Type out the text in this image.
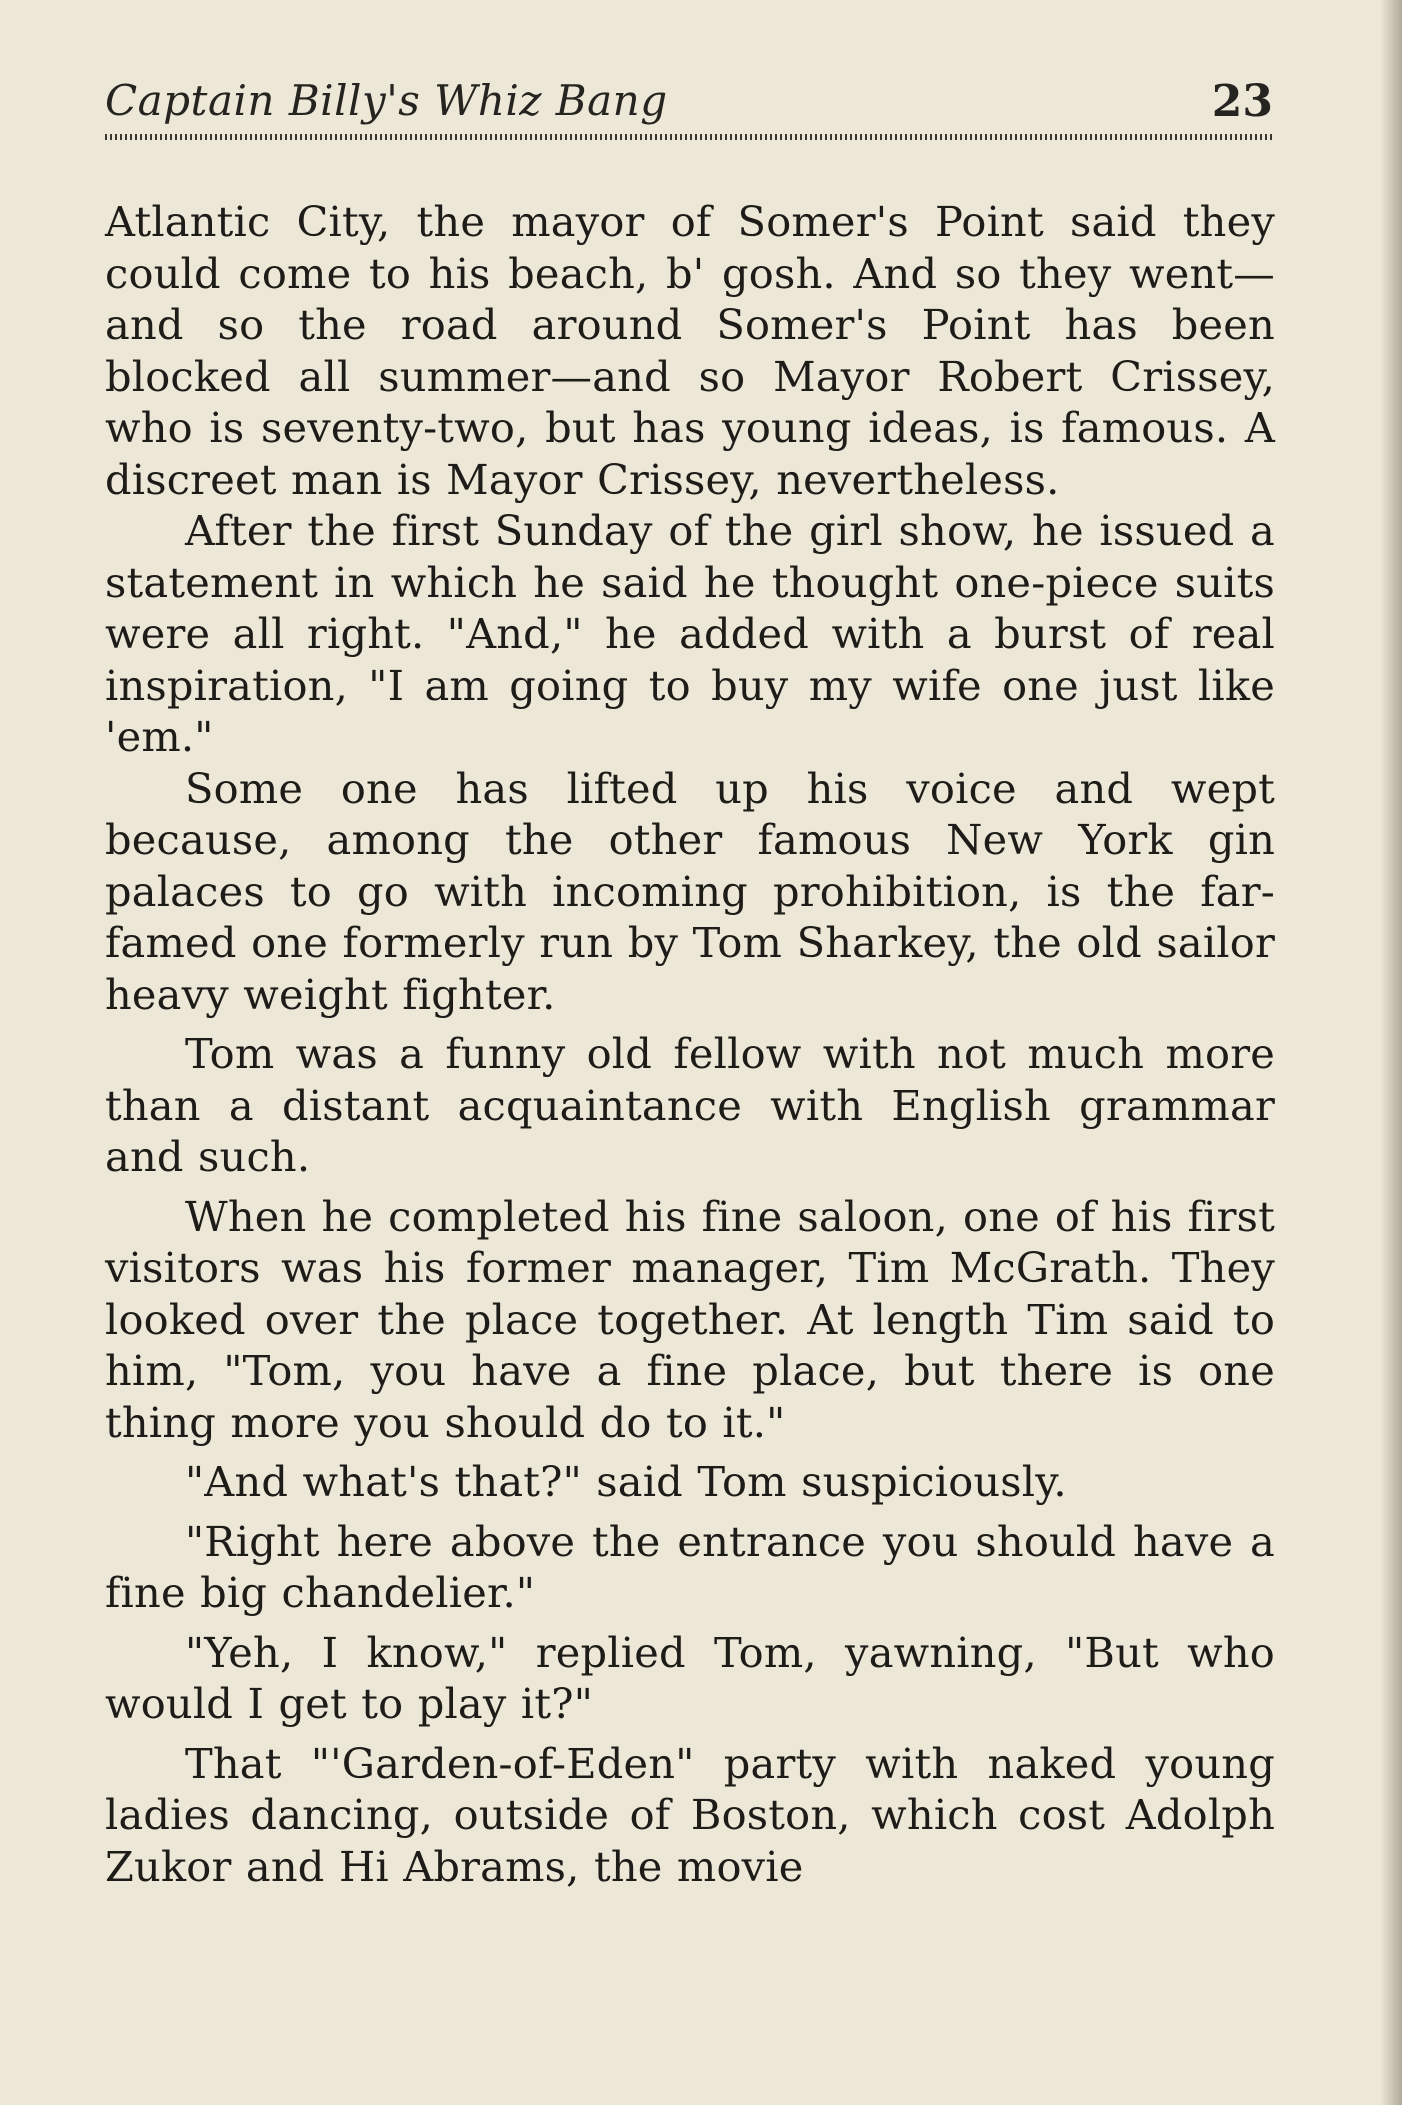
Captain Billy's Whiz Bang	23

Atlantic City, the mayor of Somer's Point said they could come to his beach, b' gosh. And so they went—and so the road around Somer's Point has been blocked all summer—and so Mayor Robert Crissey, who is seventy-two, but has young ideas, is famous. A discreet man is Mayor Crissey, nevertheless.

After the first Sunday of the girl show, he issued a statement in which he said he thought one-piece suits were all right. "And," he added with a burst of real inspiration, "I am going to buy my wife one just like 'em."

Some one has lifted up his voice and wept because, among the other famous New York gin palaces to go with incoming prohibition, is the far-famed one formerly run by Tom Sharkey, the old sailor heavy weight fighter.

Tom was a funny old fellow with not much more than a distant acquaintance with English grammar and such.

When he completed his fine saloon, one of his first visitors was his former manager, Tim McGrath. They looked over the place together. At length Tim said to him, "Tom, you have a fine place, but there is one thing more you should do to it."

"And what's that?" said Tom suspiciously.

"Right here above the entrance you should have a fine big chandelier."

"Yeh, I know," replied Tom, yawning, "But who would I get to play it?"

That "'Garden-of-Eden" party with naked young ladies dancing, outside of Boston, which cost Adolph Zukor and Hi Abrams, the movie
